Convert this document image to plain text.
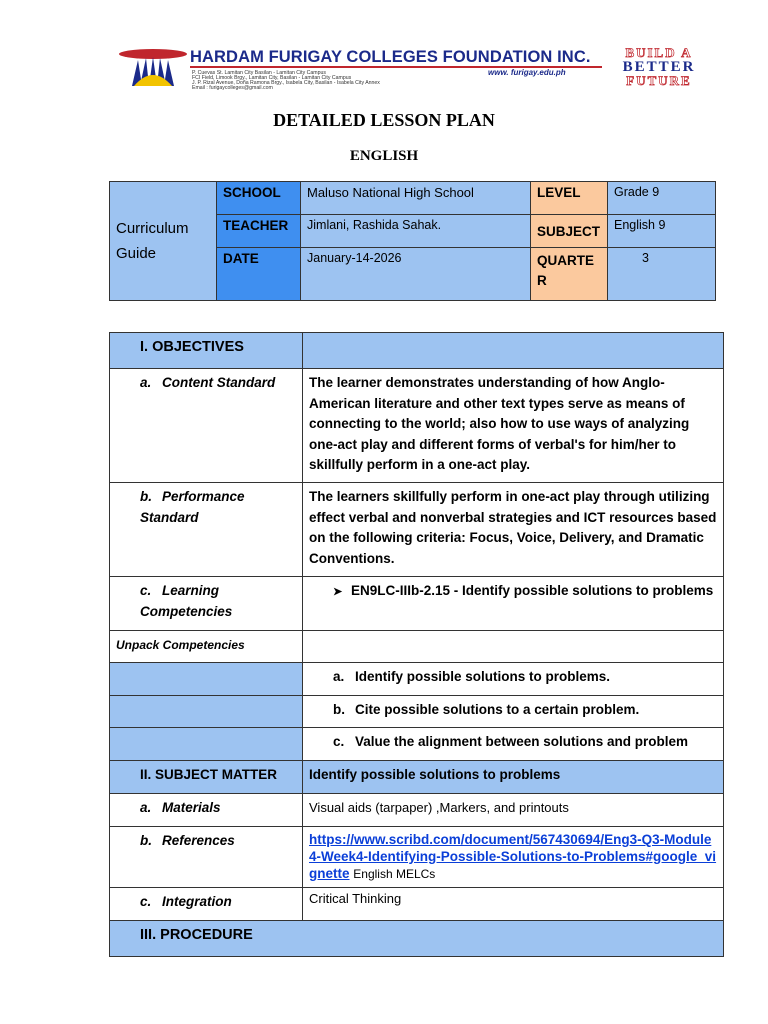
HARDAM FURIGAY COLLEGES FOUNDATION INC.
P. Cuevas St. Lamitan City Basilan - Lamitan City Campus
FCI Field, Limook Brgy., Lamitan City, Basilan - Lamitan City Campus
J. P. Rizal Avenue, Doña Ramona Brgy., Isabela City, Basilan - Isabela City Annex
Email : furigaycolleges@gmail.com
www. furigay.edu.ph
BUILD A
BETTER
FUTURE
DETAILED LESSON PLAN
ENGLISH
Curriculum Guide	SCHOOL	Maluso National High School	LEVEL	Grade 9
	TEACHER	Jimlani, Rashida Sahak.	SUBJECT	English 9
	DATE	January-14-2026	QUARTE R	3
I. OBJECTIVES	
a. Content Standard	The learner demonstrates understanding of how Anglo-American literature and other text types serve as means of connecting to the world; also how to use ways of analyzing one-act play and different forms of verbal's for him/her to skillfully perform in a one-act play.
b. Performance Standard	The learners skillfully perform in one-act play through utilizing effect verbal and nonverbal strategies and ICT resources based on the following criteria: Focus, Voice, Delivery, and Dramatic Conventions.
c. Learning Competencies	➤ EN9LC-IIIb-2.15 - Identify possible solutions to problems
Unpack Competencies	
	a. Identify possible solutions to problems.
	b. Cite possible solutions to a certain problem.
	c. Value the alignment between solutions and problem
II. SUBJECT MATTER	Identify possible solutions to problems
a. Materials	Visual aids (tarpaper) ,Markers, and printouts
b. References	https://www.scribd.com/document/567430694/Eng3-Q3-Module4-Week4-Identifying-Possible-Solutions-to-Problems#google_vignette English MELCs
c. Integration	Critical Thinking
III. PROCEDURE	
